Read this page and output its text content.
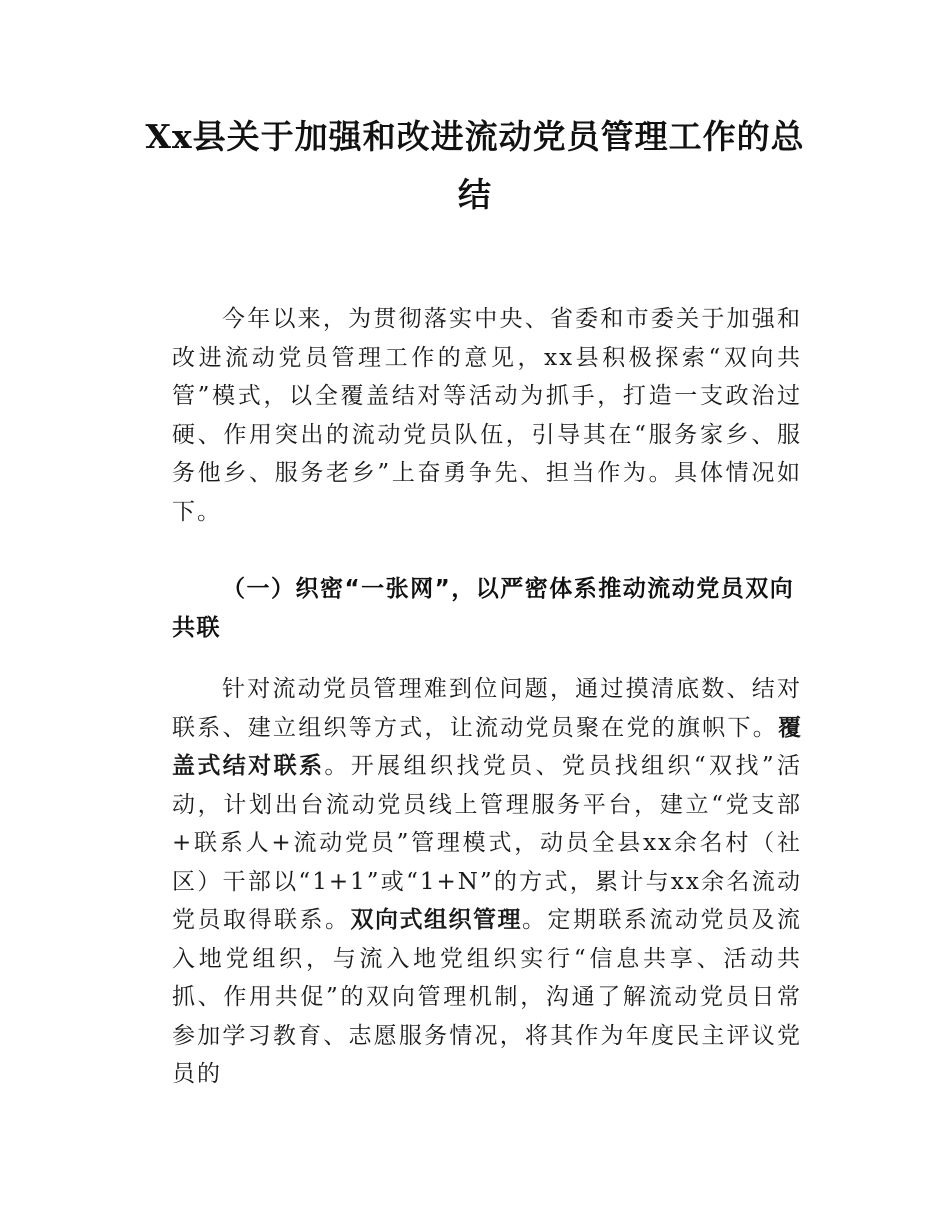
Xx县关于加强和改进流动党员管理工作的总结

今年以来，为贯彻落实中央、省委和市委关于加强和改进流动党员管理工作的意见，xx县积极探索“双向共管”模式，以全覆盖结对等活动为抓手，打造一支政治过硬、作用突出的流动党员队伍，引导其在“服务家乡、服务他乡、服务老乡”上奋勇争先、担当作为。具体情况如下。

（一）织密“一张网”，以严密体系推动流动党员双向共联

针对流动党员管理难到位问题，通过摸清底数、结对联系、建立组织等方式，让流动党员聚在党的旗帜下。覆盖式结对联系。开展组织找党员、党员找组织“双找”活动，计划出台流动党员线上管理服务平台，建立“党支部+联系人+流动党员”管理模式，动员全县xx余名村（社区）干部以“1+1”或“1+N”的方式，累计与xx余名流动党员取得联系。双向式组织管理。定期联系流动党员及流入地党组织，与流入地党组织实行“信息共享、活动共抓、作用共促”的双向管理机制，沟通了解流动党员日常参加学习教育、志愿服务情况，将其作为年度民主评议党员的
